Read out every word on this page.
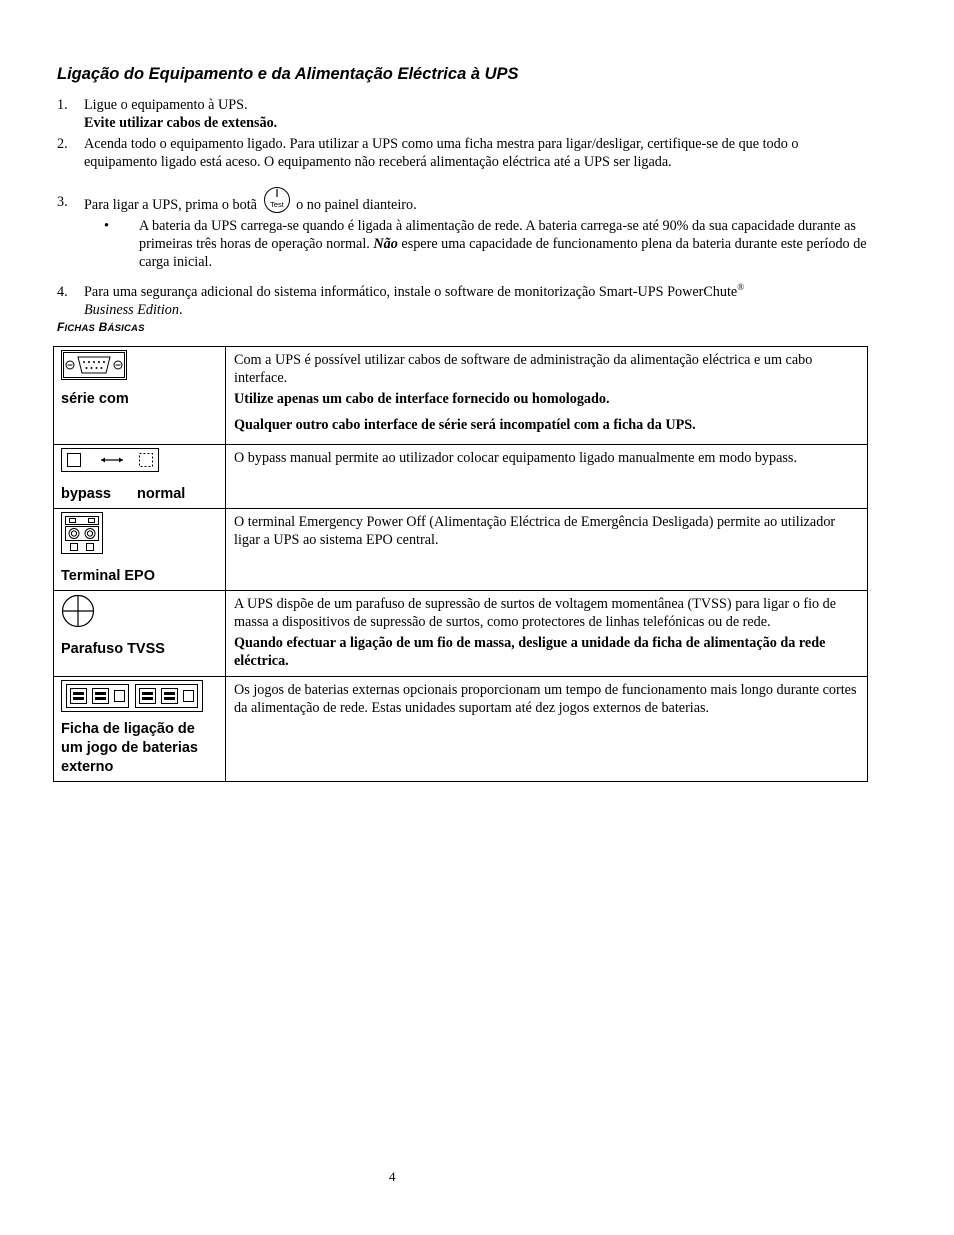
Ligação do Equipamento e da Alimentação Eléctrica à UPS
1. Ligue o equipamento à UPS.
Evite utilizar cabos de extensão.
2. Acenda todo o equipamento ligado. Para utilizar a UPS como uma ficha mestra para ligar/desligar, certifique-se de que todo o equipamento ligado está aceso. O equipamento não receberá alimentação eléctrica até a UPS ser ligada.
3. Para ligar a UPS, prima o botã Test o no painel dianteiro.
• A bateria da UPS carrega-se quando é ligada à alimentação de rede. A bateria carrega-se até 90% da sua capacidade durante as primeiras três horas de operação normal. Não espere uma capacidade de funcionamento plena da bateria durante este período de carga inicial.
4. Para uma segurança adicional do sistema informático, instale o software de monitorização Smart-UPS PowerChute®
Business Edition.
FICHAS BÁSICAS
série com	Com a UPS é possível utilizar cabos de software de administração da alimentação eléctrica e um cabo interface.

Utilize apenas um cabo de interface fornecido ou homologado.

Qualquer outro cabo interface de série será incompatíel com a ficha da UPS.

bypass normal	O bypass manual permite ao utilizador colocar equipamento ligado manualmente em modo bypass.

Terminal EPO	O terminal Emergency Power Off (Alimentação Eléctrica de Emergência Desligada) permite ao utilizador ligar a UPS ao sistema EPO central.

Parafuso TVSS	A UPS dispõe de um parafuso de supressão de surtos de voltagem momentânea (TVSS) para ligar o fio de massa a dispositivos de supressão de surtos, como protectores de linhas telefónicas ou de rede.

Quando efectuar a ligação de um fio de massa, desligue a unidade da ficha de alimentação da rede eléctrica.

Ficha de ligação de um jogo de baterias externo	Os jogos de baterias externas opcionais proporcionam um tempo de funcionamento mais longo durante cortes da alimentação de rede. Estas unidades suportam até dez jogos externos de baterias.

4
